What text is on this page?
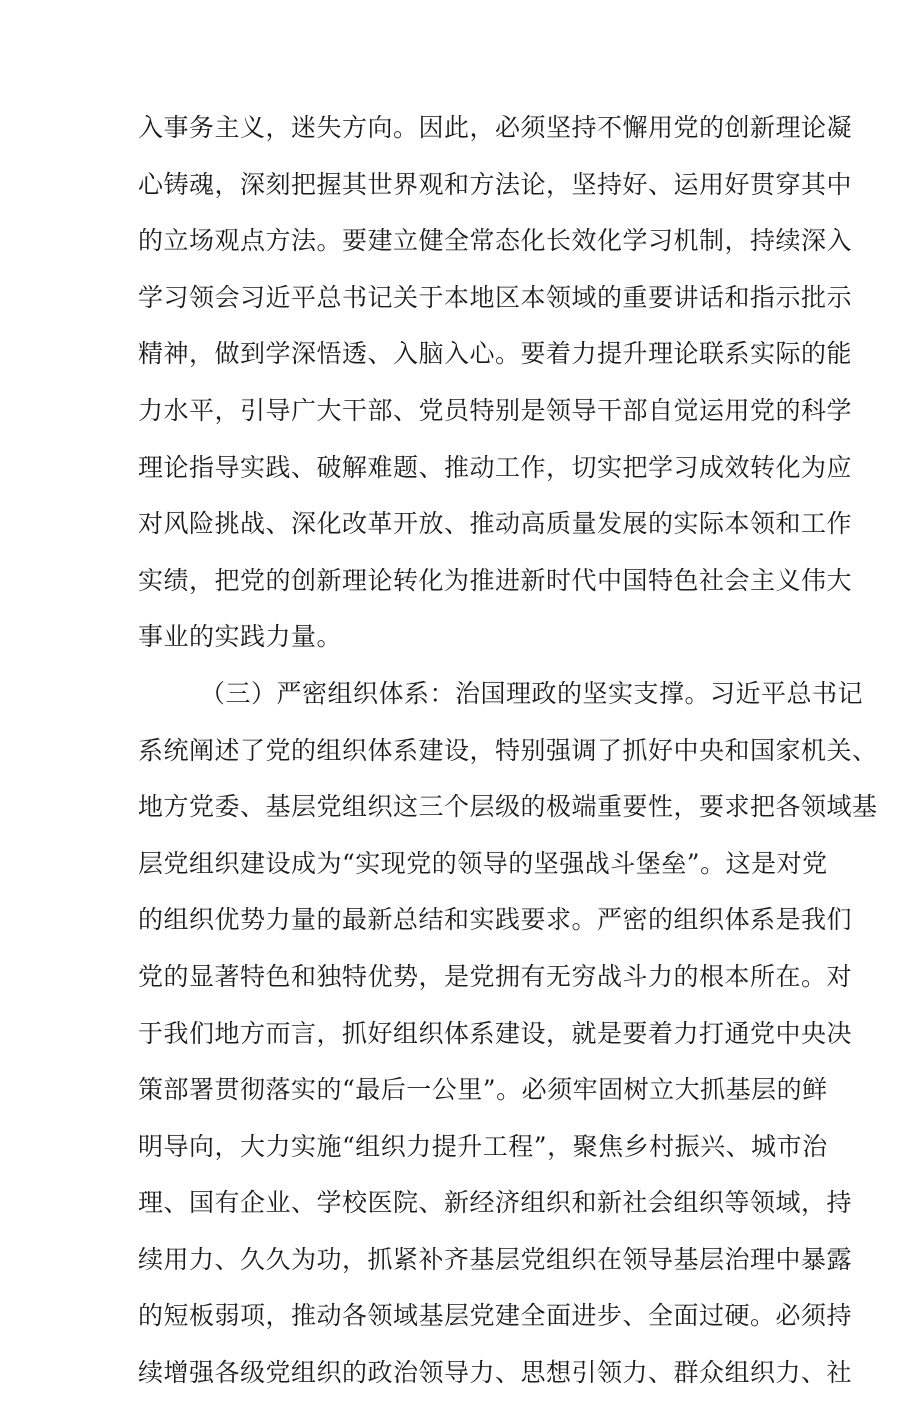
入事务主义，迷失方向。因此，必须坚持不懈用党的创新理论凝
心铸魂，深刻把握其世界观和方法论，坚持好、运用好贯穿其中
的立场观点方法。要建立健全常态化长效化学习机制，持续深入
学习领会习近平总书记关于本地区本领域的重要讲话和指示批示
精神，做到学深悟透、入脑入心。要着力提升理论联系实际的能
力水平，引导广大干部、党员特别是领导干部自觉运用党的科学
理论指导实践、破解难题、推动工作，切实把学习成效转化为应
对风险挑战、深化改革开放、推动高质量发展的实际本领和工作
实绩，把党的创新理论转化为推进新时代中国特色社会主义伟大
事业的实践力量。
（三）严密组织体系：治国理政的坚实支撑。习近平总书记
系统阐述了党的组织体系建设，特别强调了抓好中央和国家机关、
地方党委、基层党组织这三个层级的极端重要性，要求把各领域基
层党组织建设成为“实现党的领导的坚强战斗堡垒”。这是对党
的组织优势力量的最新总结和实践要求。严密的组织体系是我们
党的显著特色和独特优势，是党拥有无穷战斗力的根本所在。对
于我们地方而言，抓好组织体系建设，就是要着力打通党中央决
策部署贯彻落实的“最后一公里”。必须牢固树立大抓基层的鲜
明导向，大力实施“组织力提升工程”，聚焦乡村振兴、城市治
理、国有企业、学校医院、新经济组织和新社会组织等领域，持
续用力、久久为功，抓紧补齐基层党组织在领导基层治理中暴露
的短板弱项，推动各领域基层党建全面进步、全面过硬。必须持
续增强各级党组织的政治领导力、思想引领力、群众组织力、社
